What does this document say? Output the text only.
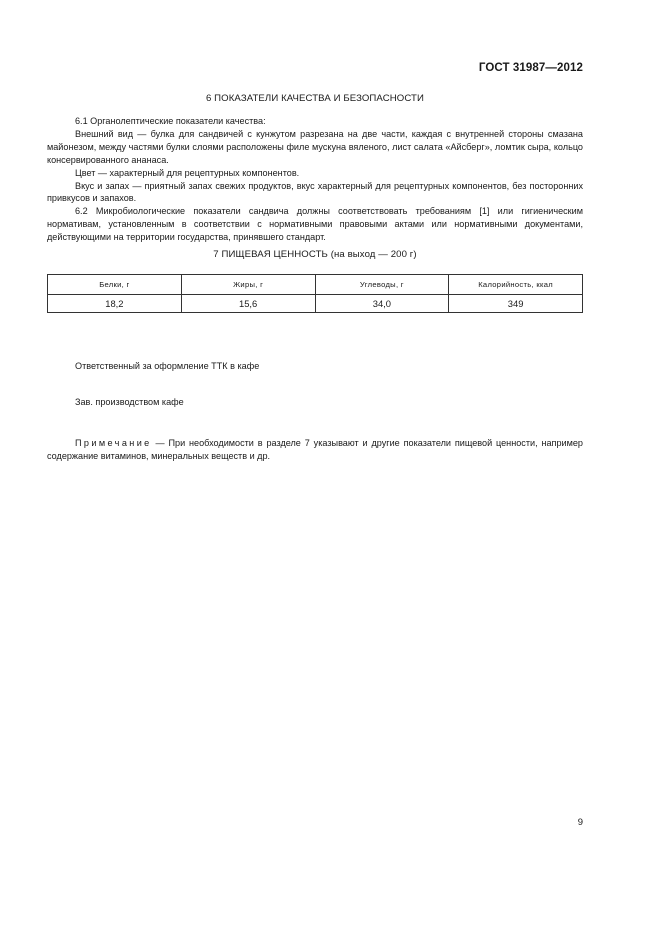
ГОСТ 31987—2012
6 ПОКАЗАТЕЛИ КАЧЕСТВА И БЕЗОПАСНОСТИ

6.1 Органолептические показатели качества:

Внешний вид — булка для сандвичей с кунжутом разрезана на две части, каждая с внутренней стороны смазана майонезом, между частями булки слоями расположены филе мускуна вяленого, лист салата «Айсберг», ломтик сыра, кольцо консервированного ананаса.

Цвет — характерный для рецептурных компонентов.

Вкус и запах — приятный запах свежих продуктов, вкус характерный для рецептурных компонентов, без посторонних привкусов и запахов.

6.2 Микробиологические показатели сандвича должны соответствовать требованиям [1] или гигиеническим нормативам, установленным в соответствии с нормативными правовыми актами или нормативными документами, действующими на территории государства, принявшего стандарт.

7 ПИЩЕВАЯ ЦЕННОСТЬ (на выход — 200 г)
Белки, г	Жиры, г	Углеводы, г	Калорийность, ккал
18,2	15,6	34,0	349
Ответственный за оформление ТТК в кафе
Зав. производством кафе

Примечание — При необходимости в разделе 7 указывают и другие показатели пищевой ценности, например содержание витаминов, минеральных веществ и др.

9
